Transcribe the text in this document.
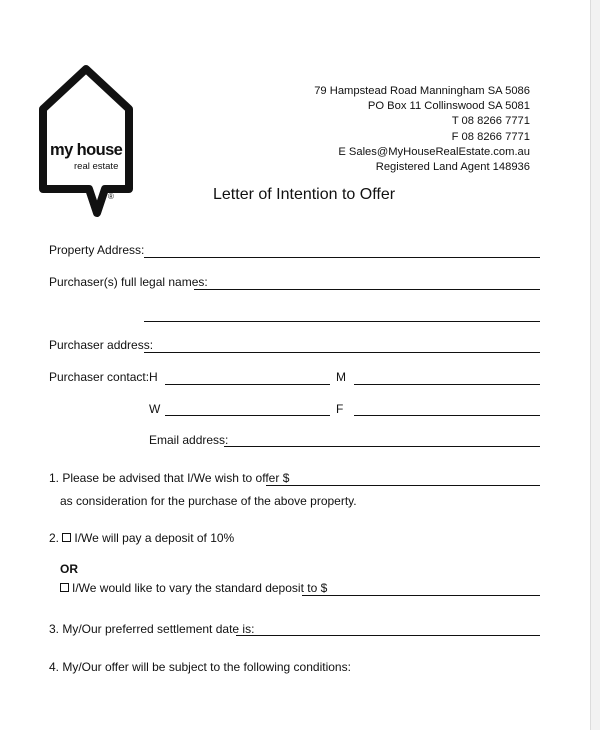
my house
real estate
®
79 Hampstead Road Manningham SA 5086
PO Box 11 Collinswood SA 5081
T 08 8266 7771
F 08 8266 7771
E Sales@MyHouseRealEstate.com.au
Registered Land Agent 148936
Letter of Intention to Offer
Property Address:
Purchaser(s) full legal names:
Purchaser address:
Purchaser contact: H	M
W	F
Email address:
1. Please be advised that I/We wish to offer $
as consideration for the purchase of the above property.
2. I/We will pay a deposit of 10%
OR
I/We would like to vary the standard deposit to $
3. My/Our preferred settlement date is:
4. My/Our offer will be subject to the following conditions:
